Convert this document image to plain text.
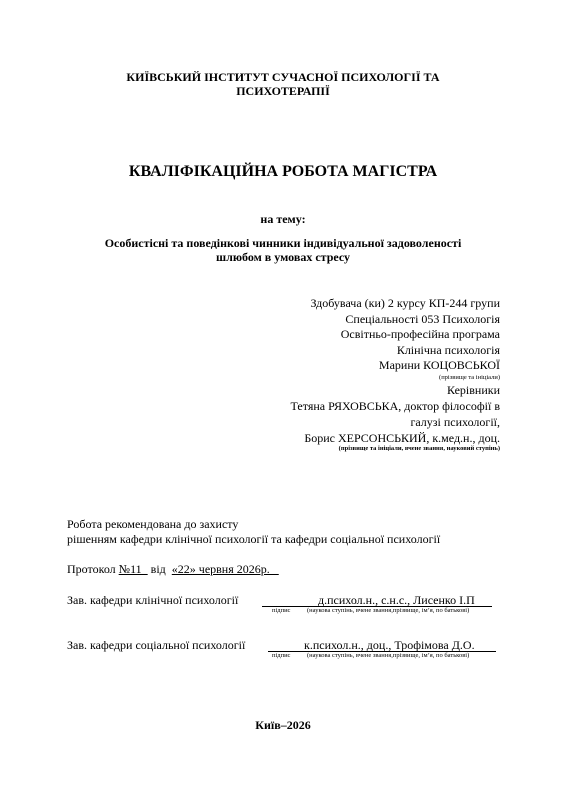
КИЇВСЬКИЙ ІНСТИТУТ СУЧАСНОЇ ПСИХОЛОГІЇ ТА
ПСИХОТЕРАПІЇ
КВАЛІФІКАЦІЙНА РОБОТА МАГІСТРА
на тему:
Особистісні та поведінкові чинники індивідуальної задоволеності
шлюбом в умовах стресу
Здобувача (ки) 2 курсу КП-244 групи
Спеціальності 053 Психологія
Освітньо-професійна програма
Клінічна психологія
Марини КОЦОВСЬКОЇ
(прізвище та ініціали)
Керівники
Тетяна РЯХОВСЬКА, доктор філософії в
галузі психології,
Борис ХЕРСОНСЬКИЙ, к.мед.н., доц.
(прізвище та ініціали, вчене звання, науковий ступінь)
Робота рекомендована до захисту
рішенням кафедри клінічної психології та кафедри соціальної психології
Протокол №11   від  «22» червня 2026р.
Зав. кафедри клінічної психології	д.психол.н., с.н.с., Лисенко І.П
підпис	(наукова ступінь, вчене звання,прізвище, ім’я, по батькові)
Зав. кафедри соціальної психології	к.психол.н., доц., Трофімова Д.О.
підпис	(наукова ступінь, вчене звання,прізвище, ім’я, по батькові)
Київ–2026
